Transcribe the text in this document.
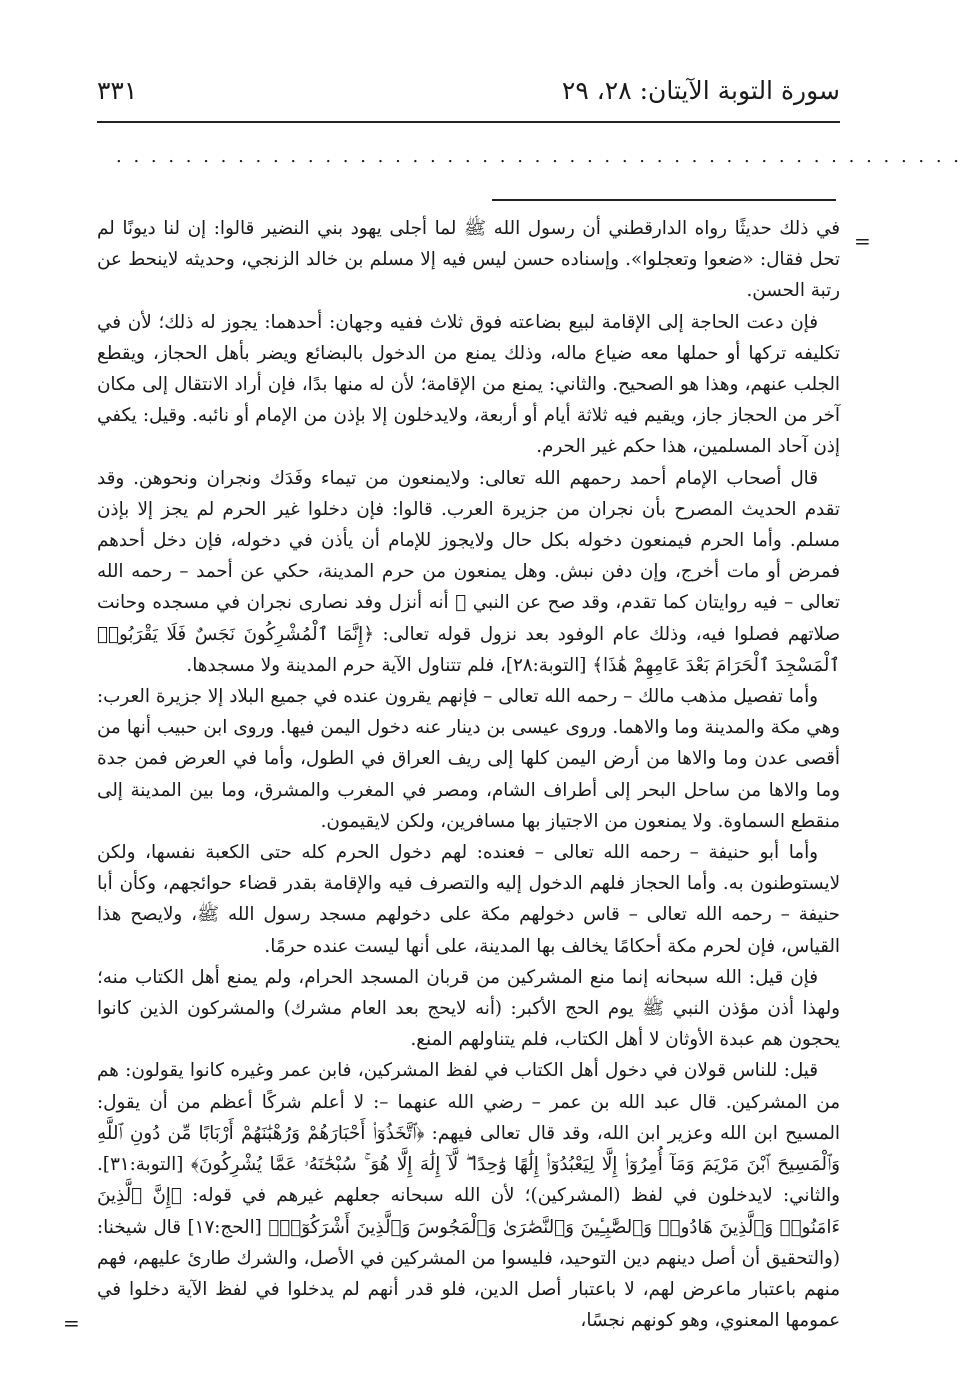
سورة التوبة الآيتان: ٢٨، ٢٩
٣٣١
. . . . . . . . . . . . . . . . . . . . . . . . . . . . . . . . . . . . . . . . . . . . . . . . .
=
=

في ذلك حديثًا رواه الدارقطني أن رسول الله ﷺ لما أجلى يهود بني النضير قالوا: إن لنا ديونًا لم تحل فقال: «ضعوا وتعجلوا». وإسناده حسن ليس فيه إلا مسلم بن خالد الزنجي، وحديثه لاينحط عن رتبة الحسن.

فإن دعت الحاجة إلى الإقامة لبيع بضاعته فوق ثلاث ففيه وجهان: أحدهما: يجوز له ذلك؛ لأن في تكليفه تركها أو حملها معه ضياع ماله، وذلك يمنع من الدخول بالبضائع ويضر بأهل الحجاز، ويقطع الجلب عنهم، وهذا هو الصحيح. والثاني: يمنع من الإقامة؛ لأن له منها بدًا، فإن أراد الانتقال إلى مكان آخر من الحجاز جاز، ويقيم فيه ثلاثة أيام أو أربعة، ولايدخلون إلا بإذن من الإمام أو نائبه. وقيل: يكفي إذن آحاد المسلمين، هذا حكم غير الحرم.

قال أصحاب الإمام أحمد رحمهم الله تعالى: ولايمنعون من تيماء وفَدَك ونجران ونحوهن. وقد تقدم الحديث المصرح بأن نجران من جزيرة العرب. قالوا: فإن دخلوا غير الحرم لم يجز إلا بإذن مسلم. وأما الحرم فيمنعون دخوله بكل حال ولايجوز للإمام أن يأذن في دخوله، فإن دخل أحدهم فمرض أو مات أخرج، وإن دفن نبش. وهل يمنعون من حرم المدينة، حكي عن أحمد – رحمه الله تعالى – فيه روايتان كما تقدم، وقد صح عن النبي ﷺ أنه أنزل وفد نصارى نجران في مسجده وحانت صلاتهم فصلوا فيه، وذلك عام الوفود بعد نزول قوله تعالى: ﴿إِنَّمَا ٱلْمُشْرِكُونَ نَجَسٌ فَلَا يَقْرَبُوا۟ ٱلْمَسْجِدَ ٱلْحَرَامَ بَعْدَ عَامِهِمْ هَٰذَا﴾ [التوبة:٢٨]، فلم تتناول الآية حرم المدينة ولا مسجدها.

وأما تفصيل مذهب مالك – رحمه الله تعالى – فإنهم يقرون عنده في جميع البلاد إلا جزيرة العرب: وهي مكة والمدينة وما والاهما. وروى عيسى بن دينار عنه دخول اليمن فيها. وروى ابن حبيب أنها من أقصى عدن وما والاها من أرض اليمن كلها إلى ريف العراق في الطول، وأما في العرض فمن جدة وما والاها من ساحل البحر إلى أطراف الشام، ومصر في المغرب والمشرق، وما بين المدينة إلى منقطع السماوة. ولا يمنعون من الاجتياز بها مسافرين، ولكن لايقيمون.

وأما أبو حنيفة – رحمه الله تعالى – فعنده: لهم دخول الحرم كله حتى الكعبة نفسها، ولكن لايستوطنون به. وأما الحجاز فلهم الدخول إليه والتصرف فيه والإقامة بقدر قضاء حوائجهم، وكأن أبا حنيفة – رحمه الله تعالى – قاس دخولهم مكة على دخولهم مسجد رسول الله ﷺ، ولايصح هذا القياس، فإن لحرم مكة أحكامًا يخالف بها المدينة، على أنها ليست عنده حرمًا.

فإن قيل: الله سبحانه إنما منع المشركين من قربان المسجد الحرام، ولم يمنع أهل الكتاب منه؛ ولهذا أذن مؤذن النبي ﷺ يوم الحج الأكبر: (أنه لايحج بعد العام مشرك) والمشركون الذين كانوا يحجون هم عبدة الأوثان لا أهل الكتاب، فلم يتناولهم المنع.

قيل: للناس قولان في دخول أهل الكتاب في لفظ المشركين، فابن عمر وغيره كانوا يقولون: هم من المشركين. قال عبد الله بن عمر – رضي الله عنهما –: لا أعلم شركًا أعظم من أن يقول: المسيح ابن الله وعزير ابن الله، وقد قال تعالى فيهم: ﴿ٱتَّخَذُوٓا۟ أَحْبَارَهُمْ وَرُهْبَٰنَهُمْ أَرْبَابًا مِّن دُونِ ٱللَّهِ وَٱلْمَسِيحَ ٱبْنَ مَرْيَمَ وَمَآ أُمِرُوٓا۟ إِلَّا لِيَعْبُدُوٓا۟ إِلَٰهًا وَٰحِدًا ۖ لَّآ إِلَٰهَ إِلَّا هُوَ ۚ سُبْحَٰنَهُۥ عَمَّا يُشْرِكُونَ﴾ [التوبة:٣١]. والثاني: لايدخلون في لفظ (المشركين)؛ لأن الله سبحانه جعلهم غيرهم في قوله: ﴿إِنَّ ٱلَّذِينَ ءَامَنُوا۟ وَٱلَّذِينَ هَادُوا۟ وَٱلصَّٰبِـِٔينَ وَٱلنَّصَٰرَىٰ وَٱلْمَجُوسَ وَٱلَّذِينَ أَشْرَكُوٓا۟﴾ [الحج:١٧] قال شيخنا: (والتحقيق أن أصل دينهم دين التوحيد، فليسوا من المشركين في الأصل، والشرك طارئ عليهم، فهم منهم باعتبار ماعرض لهم، لا باعتبار أصل الدين، فلو قدر أنهم لم يدخلوا في لفظ الآية دخلوا في عمومها المعنوي، وهو كونهم نجسًا،
